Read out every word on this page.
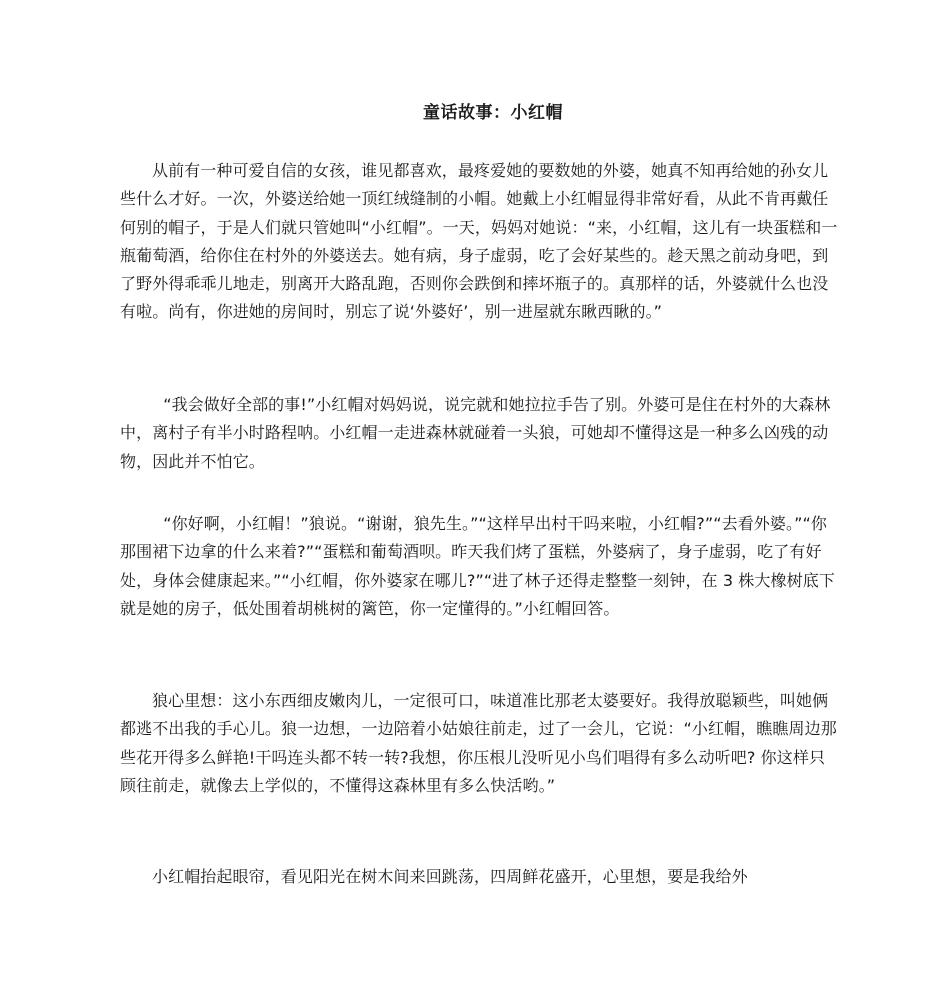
童话故事：小红帽

从前有一种可爱自信的女孩，谁见都喜欢，最疼爱她的要数她的外婆，她真不知再给她的孙女儿些什么才好。一次，外婆送给她一顶红绒缝制的小帽。她戴上小红帽显得非常好看，从此不肯再戴任何别的帽子，于是人们就只管她叫“小红帽”。一天，妈妈对她说：“来，小红帽，这儿有一块蛋糕和一瓶葡萄酒，给你住在村外的外婆送去。她有病，身子虚弱，吃了会好某些的。趁天黑之前动身吧，到了野外得乖乖儿地走，别离开大路乱跑，否则你会跌倒和摔坏瓶子的。真那样的话，外婆就什么也没有啦。尚有，你进她的房间时，别忘了说‘外婆好’，别一进屋就东瞅西瞅的。”

“我会做好全部的事!”小红帽对妈妈说，说完就和她拉拉手告了别。外婆可是住在村外的大森林中，离村子有半小时路程呐。小红帽一走进森林就碰着一头狼，可她却不懂得这是一种多么凶残的动物，因此并不怕它。

“你好啊，小红帽！”狼说。“谢谢，狼先生。”“这样早出村干吗来啦，小红帽?”“去看外婆。”“你那围裙下边拿的什么来着?”“蛋糕和葡萄酒呗。昨天我们烤了蛋糕，外婆病了，身子虚弱，吃了有好处，身体会健康起来。”“小红帽，你外婆家在哪儿?”“进了林子还得走整整一刻钟，在 3 株大橡树底下就是她的房子，低处围着胡桃树的篱笆，你一定懂得的。”小红帽回答。

狼心里想：这小东西细皮嫩肉儿，一定很可口，味道准比那老太婆要好。我得放聪颖些，叫她俩都逃不出我的手心儿。狼一边想，一边陪着小姑娘往前走，过了一会儿，它说：“小红帽，瞧瞧周边那些花开得多么鲜艳!干吗连头都不转一转?我想，你压根儿没听见小鸟们唱得有多么动听吧? 你这样只顾往前走，就像去上学似的，不懂得这森林里有多么快活哟。”

小红帽抬起眼帘，看见阳光在树木间来回跳荡，四周鲜花盛开，心里想，要是我给外
